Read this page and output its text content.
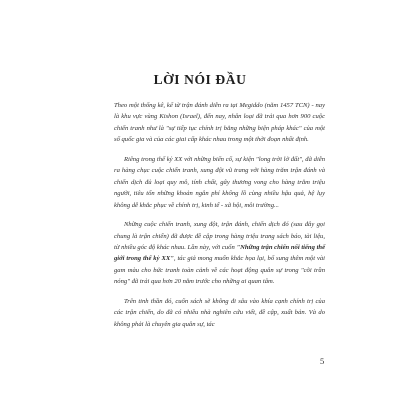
LỜI NÓI ĐẦU

Theo một thống kê, kể từ trận đánh diễn ra tại Megiddo (năm 1457 TCN) - nay là khu vực vùng Kishon (Israel), đến nay, nhân loại đã trải qua hơn 900 cuộc chiến tranh như là "sự tiếp tục chính trị bằng những biện pháp khác" của một số quốc gia và của các giai cấp khác nhau trong một thời đoạn nhất định.

Riêng trong thế kỷ XX với những biến cố, sự kiện "long trời lở đất", đã diễn ra hàng chục cuộc chiến tranh, xung đột vũ trang với hàng trăm trận đánh và chiến dịch đủ loại quy mô, tính chất, gây thương vong cho hàng trăm triệu người, tiêu tốn những khoản ngân phí khổng lồ cùng nhiều hậu quả, hệ lụy không dễ khắc phục về chính trị, kinh tế - xã hội, môi trường...

Những cuộc chiến tranh, xung đột, trận đánh, chiến dịch đó (sau đây gọi chung là trận chiến) đã được đề cập trong hàng triệu trang sách báo, tài liệu, từ nhiều góc độ khác nhau. Lần này, với cuốn "Những trận chiến nổi tiếng thế giới trong thế kỷ XX", tác giả mong muốn khắc họa lại, bổ sung thêm một vài gam màu cho bức tranh toàn cảnh về các hoạt động quân sự trong "cõi trần nóng" đã trải qua hơn 20 năm trước cho những ai quan tâm.

Trên tinh thần đó, cuốn sách sẽ không đi sâu vào khía cạnh chính trị của các trận chiến, do đã có nhiều nhà nghiên cứu viết, đề cập, xuất bản. Và do không phải là chuyên gia quân sự, tác

5
